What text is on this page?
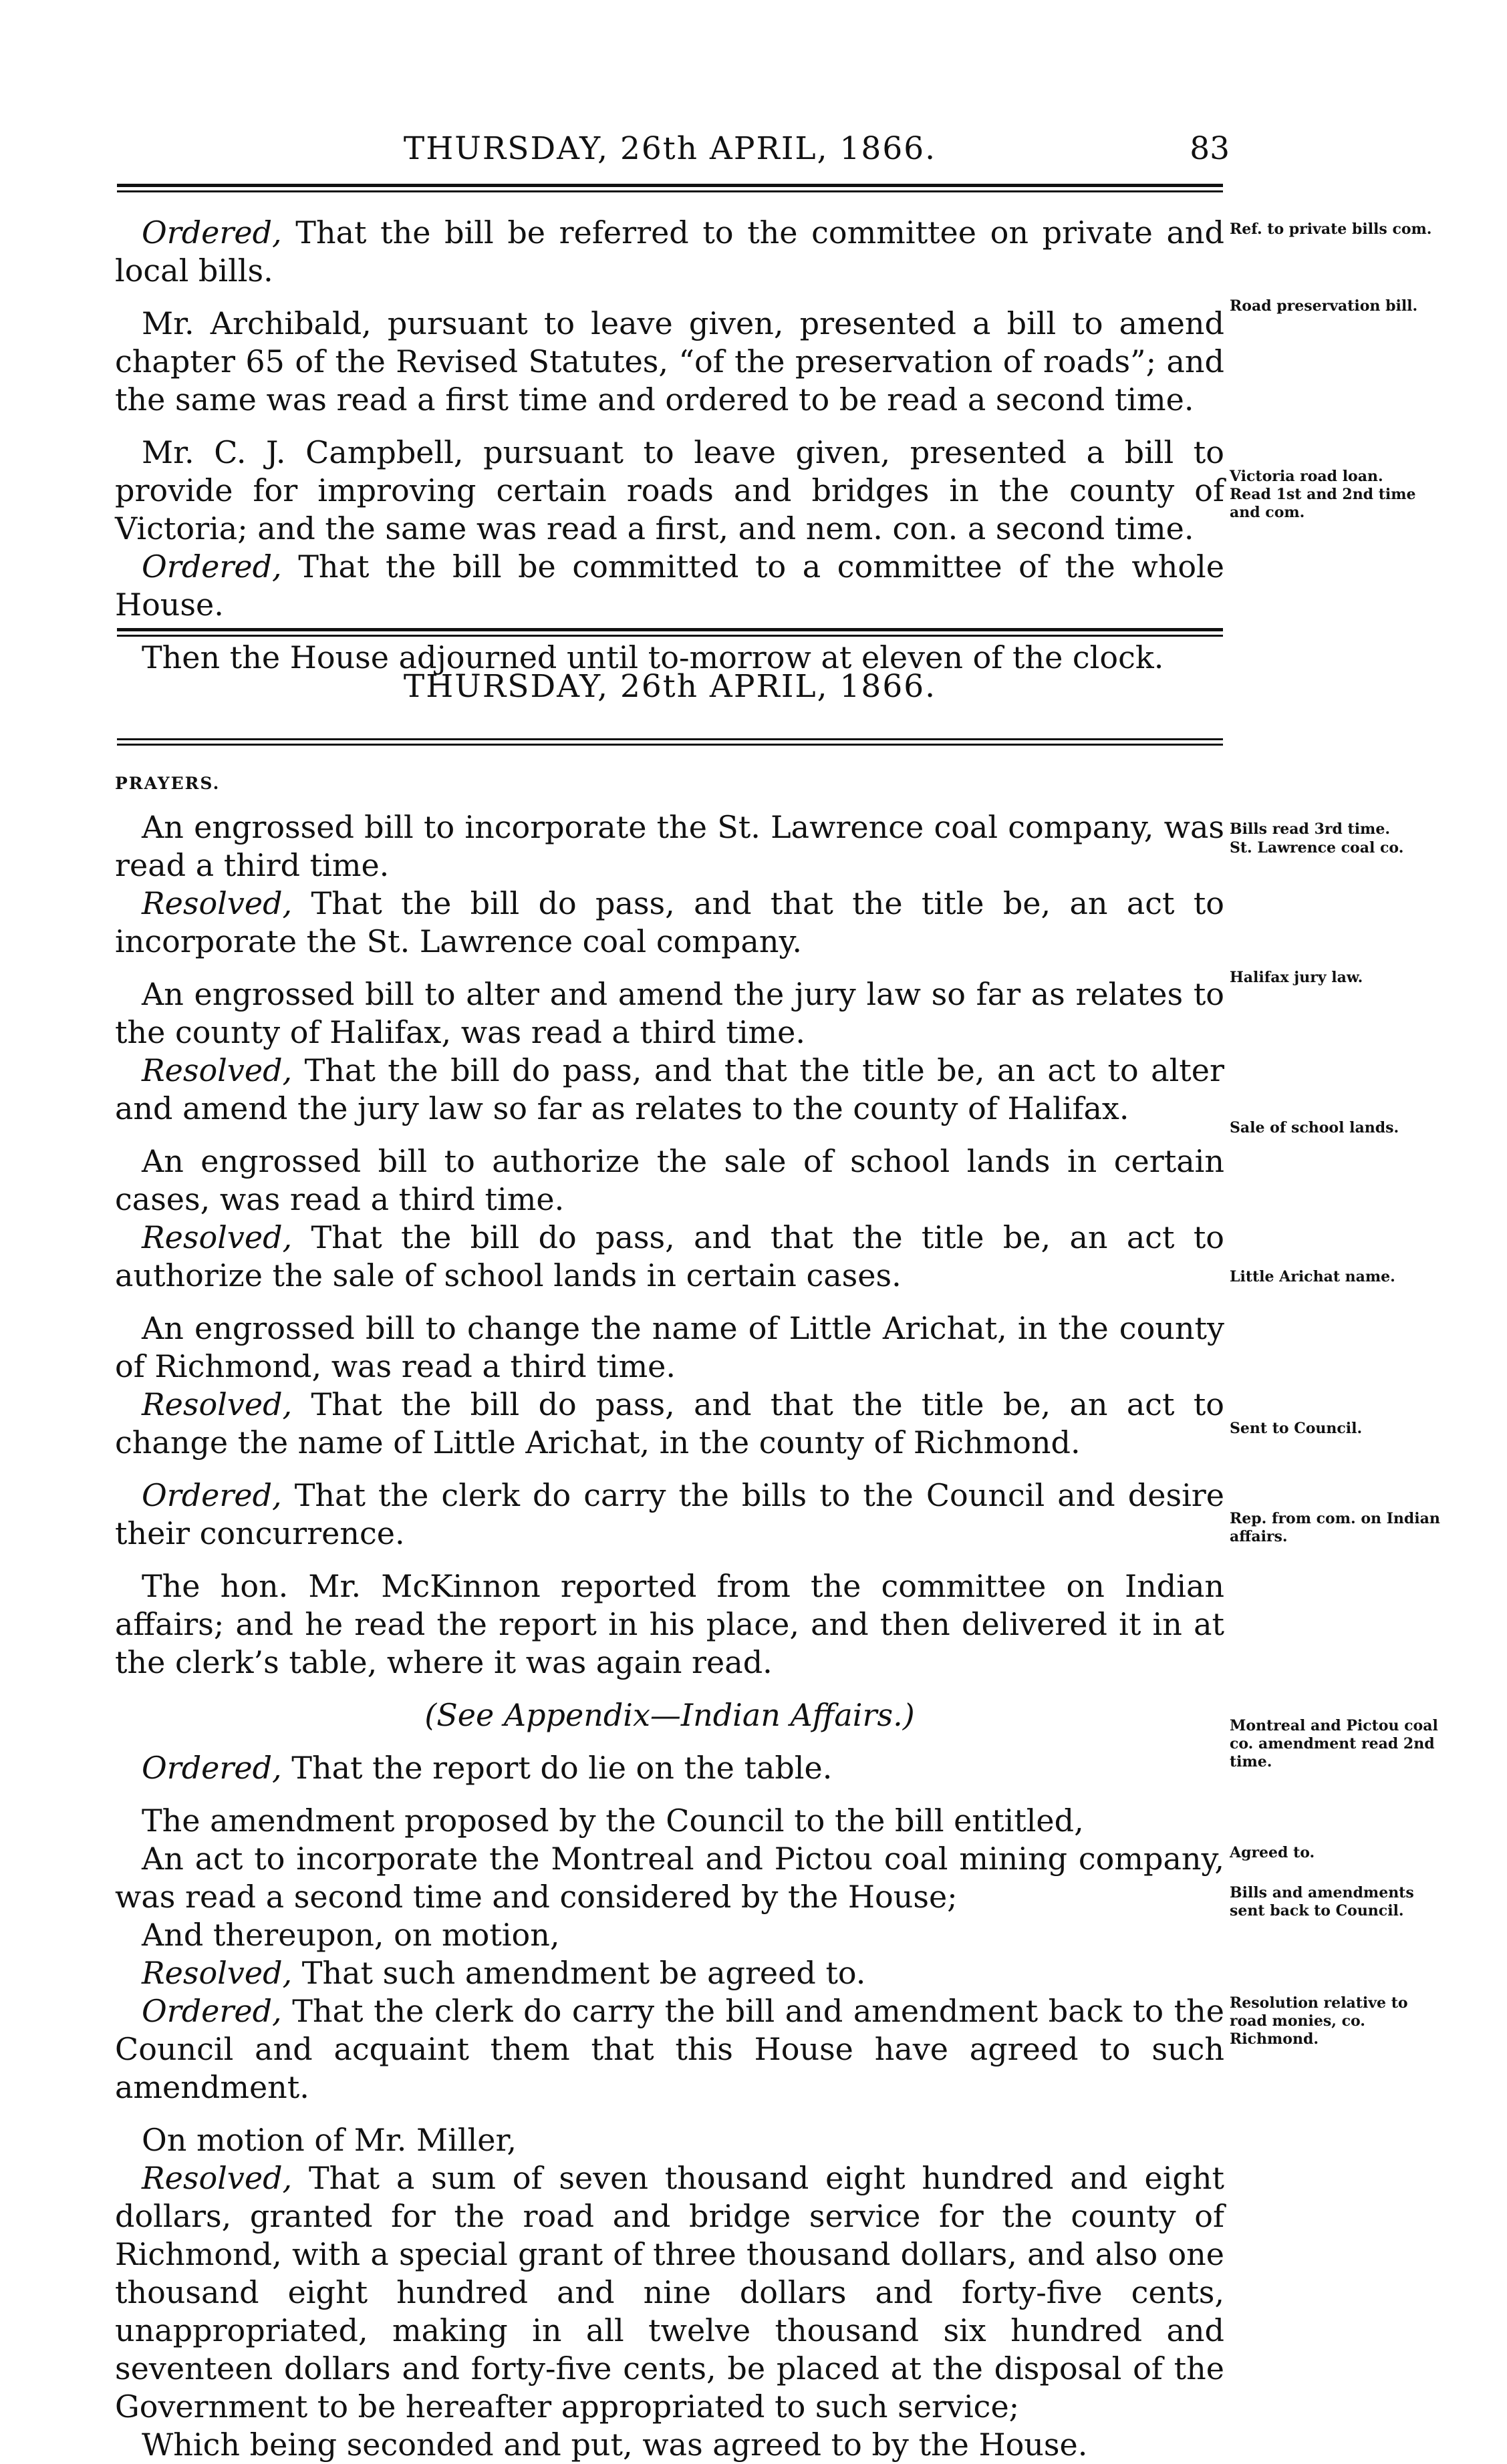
THURSDAY, 26th APRIL, 1866.	83

Ordered, That the bill be referred to the committee on private and local bills.

Mr. Archibald, pursuant to leave given, presented a bill to amend chapter 65 of the Revised Statutes, “of the preservation of roads”; and the same was read a first time and ordered to be read a second time.

Mr. C. J. Campbell, pursuant to leave given, presented a bill to provide for improving certain roads and bridges in the county of Victoria; and the same was read a first, and nem. con. a second time.

Ordered, That the bill be committed to a committee of the whole House.

Then the House adjourned until to-morrow at eleven of the clock.

Ref. to private bills com.
Road preservation bill.
Victoria road loan.
Read 1st and 2nd time and com.
THURSDAY, 26th APRIL, 1866.
PRAYERS.

An engrossed bill to incorporate the St. Lawrence coal company, was read a third time.

Resolved, That the bill do pass, and that the title be, an act to incorporate the St. Lawrence coal company.

An engrossed bill to alter and amend the jury law so far as relates to the county of Halifax, was read a third time.

Resolved, That the bill do pass, and that the title be, an act to alter and amend the jury law so far as relates to the county of Halifax.

An engrossed bill to authorize the sale of school lands in certain cases, was read a third time.

Resolved, That the bill do pass, and that the title be, an act to authorize the sale of school lands in certain cases.

An engrossed bill to change the name of Little Arichat, in the county of Richmond, was read a third time.

Resolved, That the bill do pass, and that the title be, an act to change the name of Little Arichat, in the county of Richmond.

Ordered, That the clerk do carry the bills to the Council and desire their concurrence.

The hon. Mr. McKinnon reported from the committee on Indian affairs; and he read the report in his place, and then delivered it in at the clerk’s table, where it was again read.

(See Appendix—Indian Affairs.)

Ordered, That the report do lie on the table.

The amendment proposed by the Council to the bill entitled,

An act to incorporate the Montreal and Pictou coal mining company, was read a second time and considered by the House;

And thereupon, on motion,

Resolved, That such amendment be agreed to.

Ordered, That the clerk do carry the bill and amendment back to the Council and acquaint them that this House have agreed to such amendment.

On motion of Mr. Miller,

Resolved, That a sum of seven thousand eight hundred and eight dollars, granted for the road and bridge service for the county of Richmond, with a special grant of three thousand dollars, and also one thousand eight hundred and nine dollars and forty-five cents, unappropriated, making in all twelve thousand six hundred and seventeen dollars and forty-five cents, be placed at the disposal of the Government to be hereafter appropriated to such service;

Which being seconded and put, was agreed to by the House.

Bills read 3rd time.
St. Lawrence coal co.
Halifax jury law.
Sale of school lands.
Little Arichat name.
Sent to Council.
Rep. from com. on Indian affairs.
Montreal and Pictou coal co. amendment read 2nd time.
Agreed to.
Bills and amendments sent back to Council.
Resolution relative to road monies, co. Richmond.
